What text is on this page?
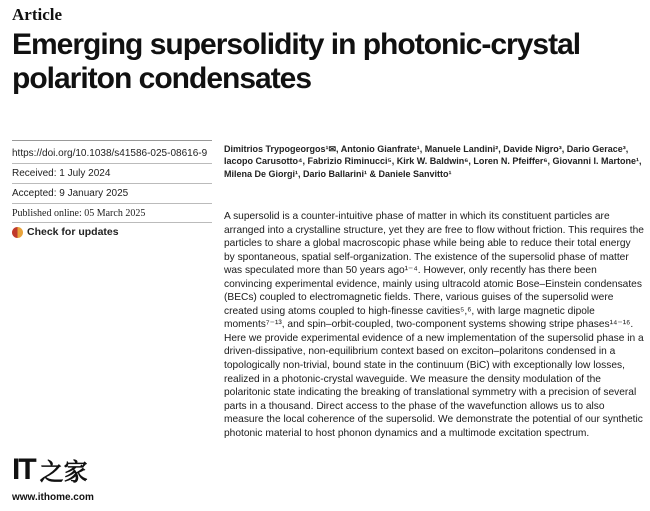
Article
Emerging supersolidity in photonic-crystal polariton condensates
https://doi.org/10.1038/s41586-025-08616-9
Received: 1 July 2024
Accepted: 9 January 2025
Published online: 05 March 2025
Check for updates
Dimitrios Trypogeorgos¹✉, Antonio Gianfrate¹, Manuele Landini², Davide Nigro³, Dario Gerace³, Iacopo Carusotto⁴, Fabrizio Riminucci⁵, Kirk W. Baldwin⁶, Loren N. Pfeiffer⁶, Giovanni I. Martone¹, Milena De Giorgi¹, Dario Ballarini¹ & Daniele Sanvitto¹

A supersolid is a counter-intuitive phase of matter in which its constituent particles are arranged into a crystalline structure, yet they are free to flow without friction. This requires the particles to share a global macroscopic phase while being able to reduce their total energy by spontaneous, spatial self-organization. The existence of the supersolid phase of matter was speculated more than 50 years ago¹⁻⁴. However, only recently has there been convincing experimental evidence, mainly using ultracold atomic Bose–Einstein condensates (BECs) coupled to electromagnetic fields. There, various guises of the supersolid were created using atoms coupled to high-finesse cavities⁵,⁶, with large magnetic dipole moments⁷⁻¹³, and spin–orbit-coupled, two-component systems showing stripe phases¹⁴⁻¹⁶. Here we provide experimental evidence of a new implementation of the supersolid phase in a driven-dissipative, non-equilibrium context based on exciton–polaritons condensed in a topologically non-trivial, bound state in the continuum (BiC) with exceptionally low losses, realized in a photonic-crystal waveguide. We measure the density modulation of the polaritonic state indicating the breaking of translational symmetry with a precision of several parts in a thousand. Direct access to the phase of the wavefunction allows us to also measure the local coherence of the supersolid. We demonstrate the potential of our synthetic photonic material to host phonon dynamics and a multimode excitation spectrum.

IT 之家
www.ithome.com
